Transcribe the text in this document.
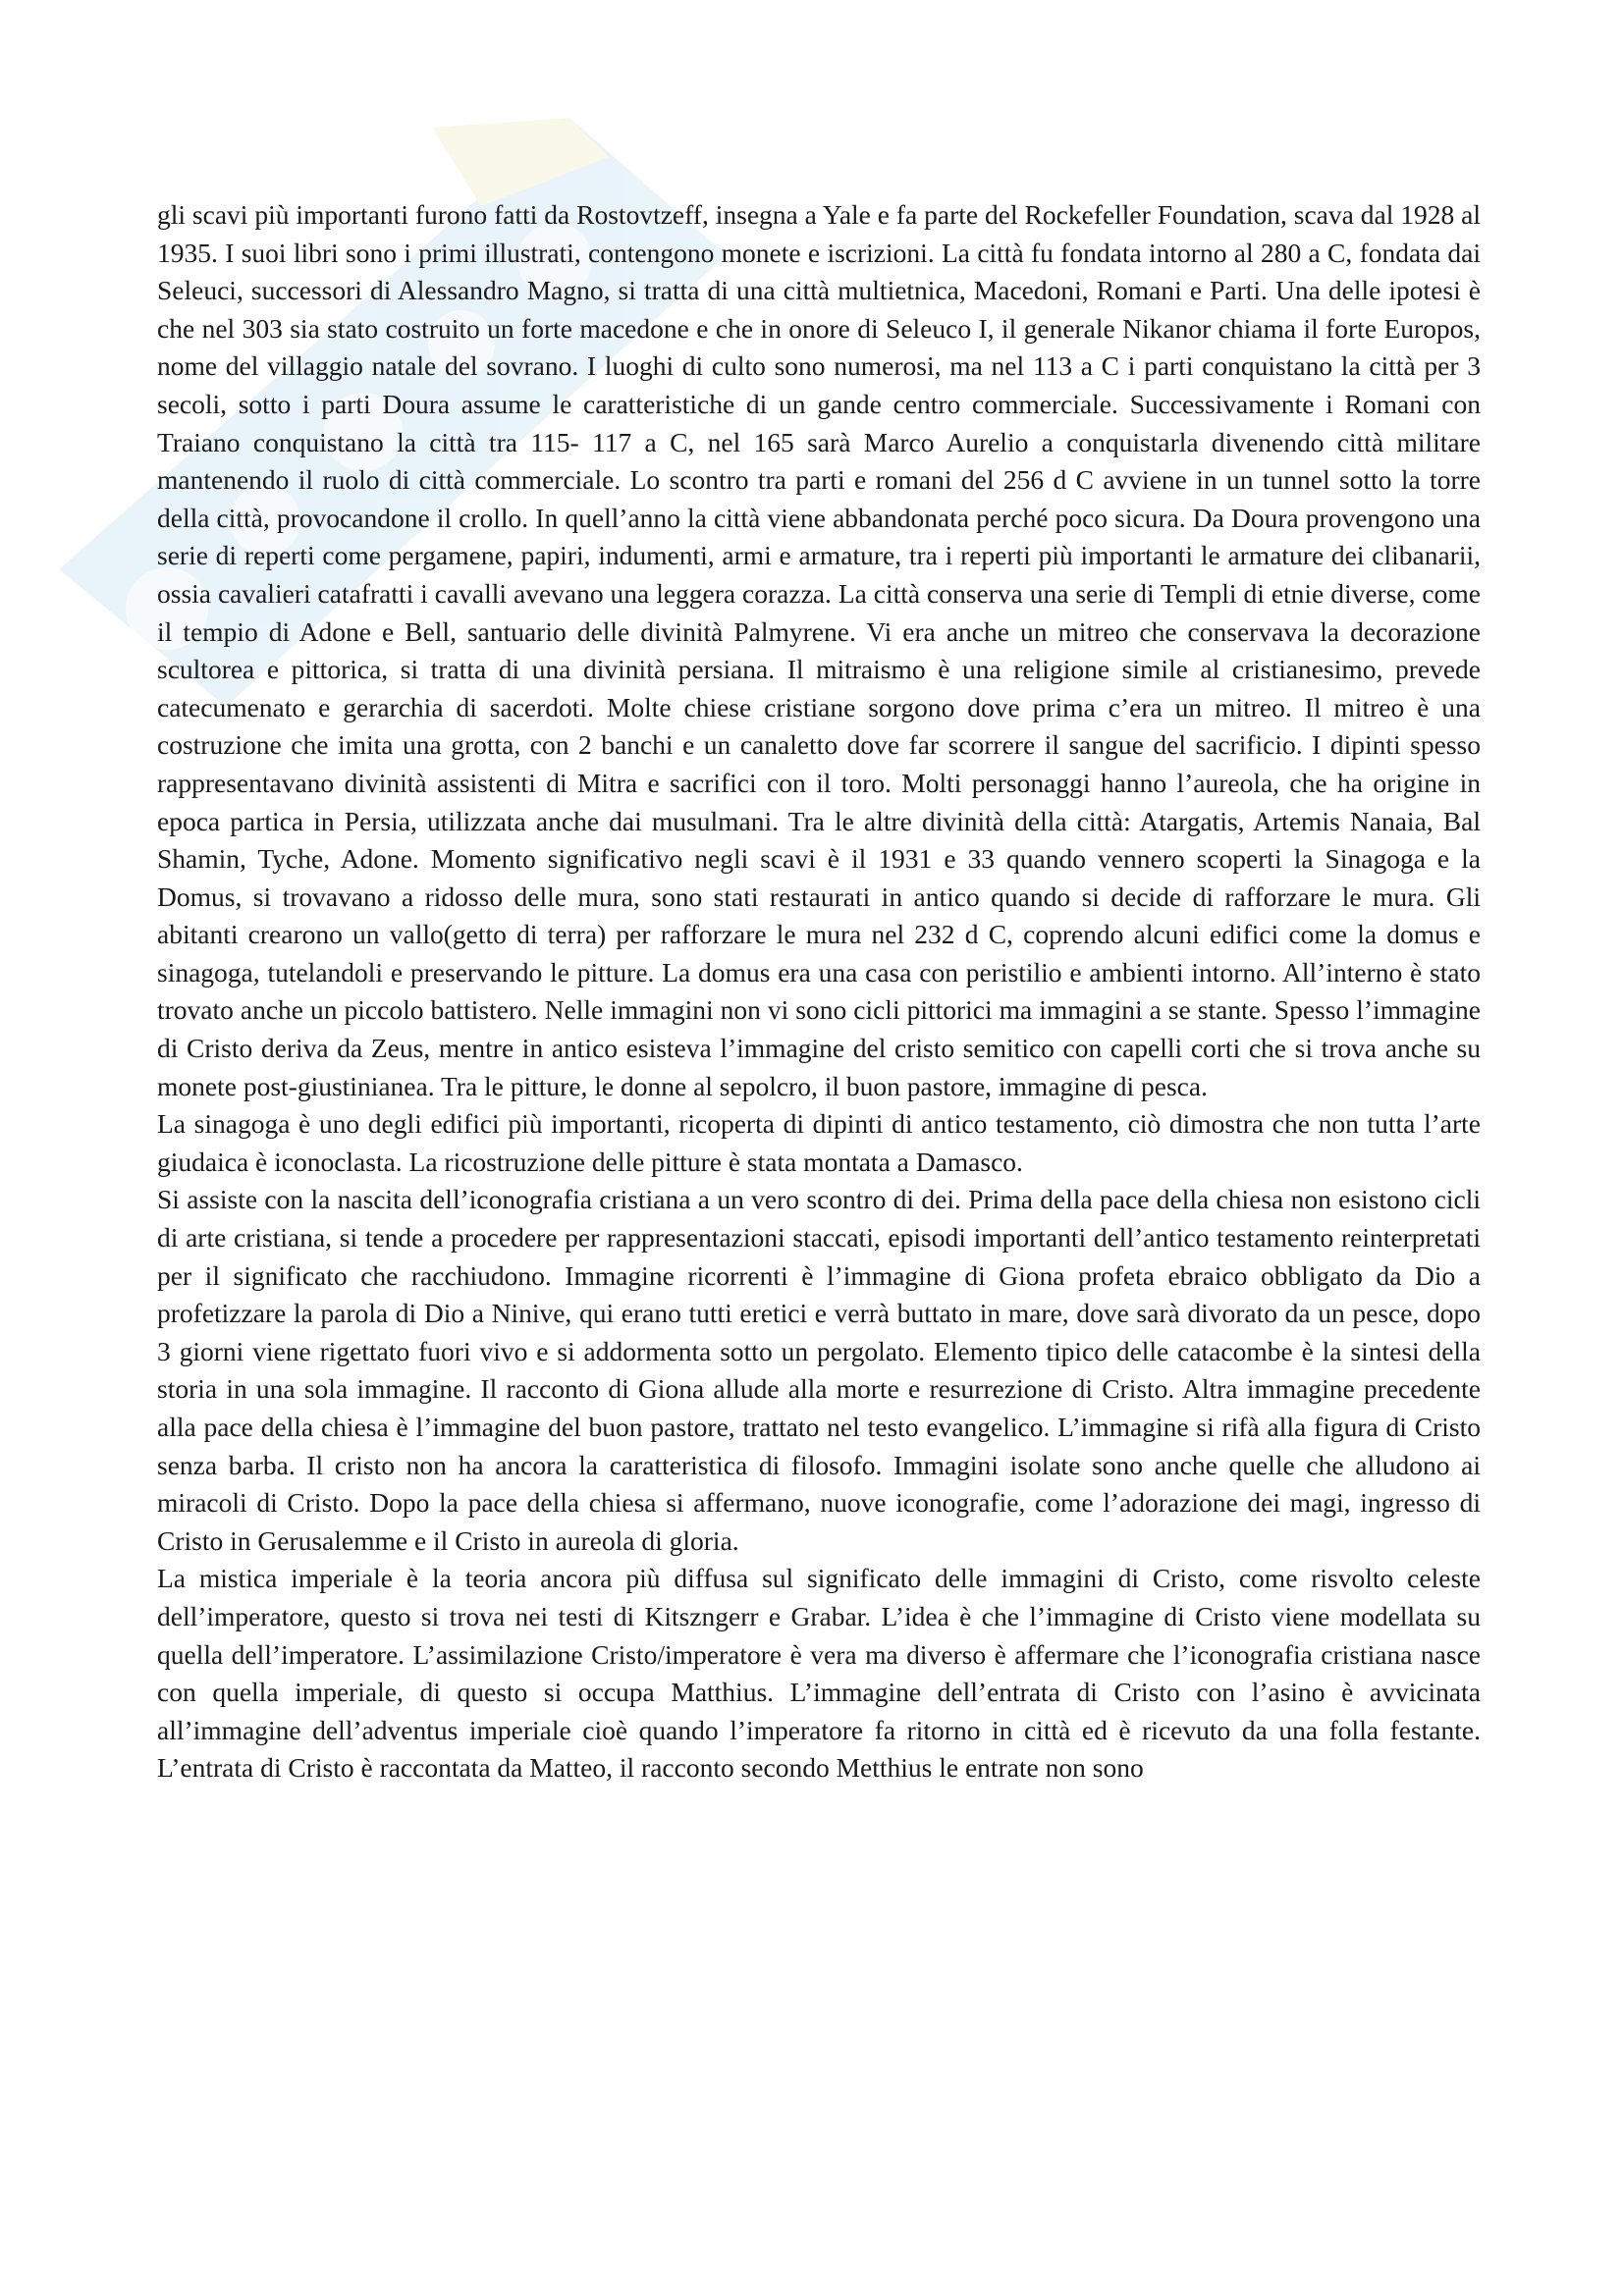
gli scavi più importanti furono fatti da Rostovtzeff, insegna a Yale e fa parte del Rockefeller Foundation, scava dal 1928 al 1935. I suoi libri sono i primi illustrati, contengono monete e iscrizioni. La città fu fondata intorno al 280 a C, fondata dai Seleuci, successori di Alessandro Magno, si tratta di una città multietnica, Macedoni, Romani e Parti. Una delle ipotesi è che nel 303 sia stato costruito un forte macedone e che in onore di Seleuco I, il generale Nikanor chiama il forte Europos, nome del villaggio natale del sovrano. I luoghi di culto sono numerosi, ma nel 113 a C i parti conquistano la città per 3 secoli, sotto i parti Doura assume le caratteristiche di un gande centro commerciale. Successivamente i Romani con Traiano conquistano la città tra 115- 117 a C, nel 165 sarà Marco Aurelio a conquistarla divenendo città militare mantenendo il ruolo di città commerciale. Lo scontro tra parti e romani del 256 d C avviene in un tunnel sotto la torre della città, provocandone il crollo. In quell’anno la città viene abbandonata perché poco sicura. Da Doura provengono una serie di reperti come pergamene, papiri, indumenti, armi e armature, tra i reperti più importanti le armature dei clibanarii, ossia cavalieri catafratti i cavalli avevano una leggera corazza. La città conserva una serie di Templi di etnie diverse, come il tempio di Adone e Bell, santuario delle divinità Palmyrene. Vi era anche un mitreo che conservava la decorazione scultorea e pittorica, si tratta di una divinità persiana. Il mitraismo è una religione simile al cristianesimo, prevede catecumenato e gerarchia di sacerdoti. Molte chiese cristiane sorgono dove prima c’era un mitreo. Il mitreo è una costruzione che imita una grotta, con 2 banchi e un canaletto dove far scorrere il sangue del sacrificio. I dipinti spesso rappresentavano divinità assistenti di Mitra e sacrifici con il toro. Molti personaggi hanno l’aureola, che ha origine in epoca partica in Persia, utilizzata anche dai musulmani. Tra le altre divinità della città: Atargatis, Artemis Nanaia, Bal Shamin, Tyche, Adone. Momento significativo negli scavi è il 1931 e 33 quando vennero scoperti la Sinagoga e la Domus, si trovavano a ridosso delle mura, sono stati restaurati in antico quando si decide di rafforzare le mura. Gli abitanti crearono un vallo(getto di terra) per rafforzare le mura nel 232 d C, coprendo alcuni edifici come la domus e sinagoga, tutelandoli e preservando le pitture. La domus era una casa con peristilio e ambienti intorno. All’interno è stato trovato anche un piccolo battistero. Nelle immagini non vi sono cicli pittorici ma immagini a se stante. Spesso l’immagine di Cristo deriva da Zeus, mentre in antico esisteva l’immagine del cristo semitico con capelli corti che si trova anche su monete post-giustinianea. Tra le pitture, le donne al sepolcro, il buon pastore, immagine di pesca.

La sinagoga è uno degli edifici più importanti, ricoperta di dipinti di antico testamento, ciò dimostra che non tutta l’arte giudaica è iconoclasta. La ricostruzione delle pitture è stata montata a Damasco.

Si assiste con la nascita dell’iconografia cristiana a un vero scontro di dei. Prima della pace della chiesa non esistono cicli di arte cristiana, si tende a procedere per rappresentazioni staccati, episodi importanti dell’antico testamento reinterpretati per il significato che racchiudono. Immagine ricorrenti è l’immagine di Giona profeta ebraico obbligato da Dio a profetizzare la parola di Dio a Ninive, qui erano tutti eretici e verrà buttato in mare, dove sarà divorato da un pesce, dopo 3 giorni viene rigettato fuori vivo e si addormenta sotto un pergolato. Elemento tipico delle catacombe è la sintesi della storia in una sola immagine. Il racconto di Giona allude alla morte e resurrezione di Cristo. Altra immagine precedente alla pace della chiesa è l’immagine del buon pastore, trattato nel testo evangelico. L’immagine si rifà alla figura di Cristo senza barba. Il cristo non ha ancora la caratteristica di filosofo. Immagini isolate sono anche quelle che alludono ai miracoli di Cristo. Dopo la pace della chiesa si affermano, nuove iconografie, come l’adorazione dei magi, ingresso di Cristo in Gerusalemme e il Cristo in aureola di gloria.

La mistica imperiale è la teoria ancora più diffusa sul significato delle immagini di Cristo, come risvolto celeste dell’imperatore, questo si trova nei testi di Kitszngerr e Grabar. L’idea è che l’immagine di Cristo viene modellata su quella dell’imperatore. L’assimilazione Cristo/imperatore è vera ma diverso è affermare che l’iconografia cristiana nasce con quella imperiale, di questo si occupa Matthius. L’immagine dell’entrata di Cristo con l’asino è avvicinata all’immagine dell’adventus imperiale cioè quando l’imperatore fa ritorno in città ed è ricevuto da una folla festante. L’entrata di Cristo è raccontata da Matteo, il racconto secondo Metthius le entrate non sono
